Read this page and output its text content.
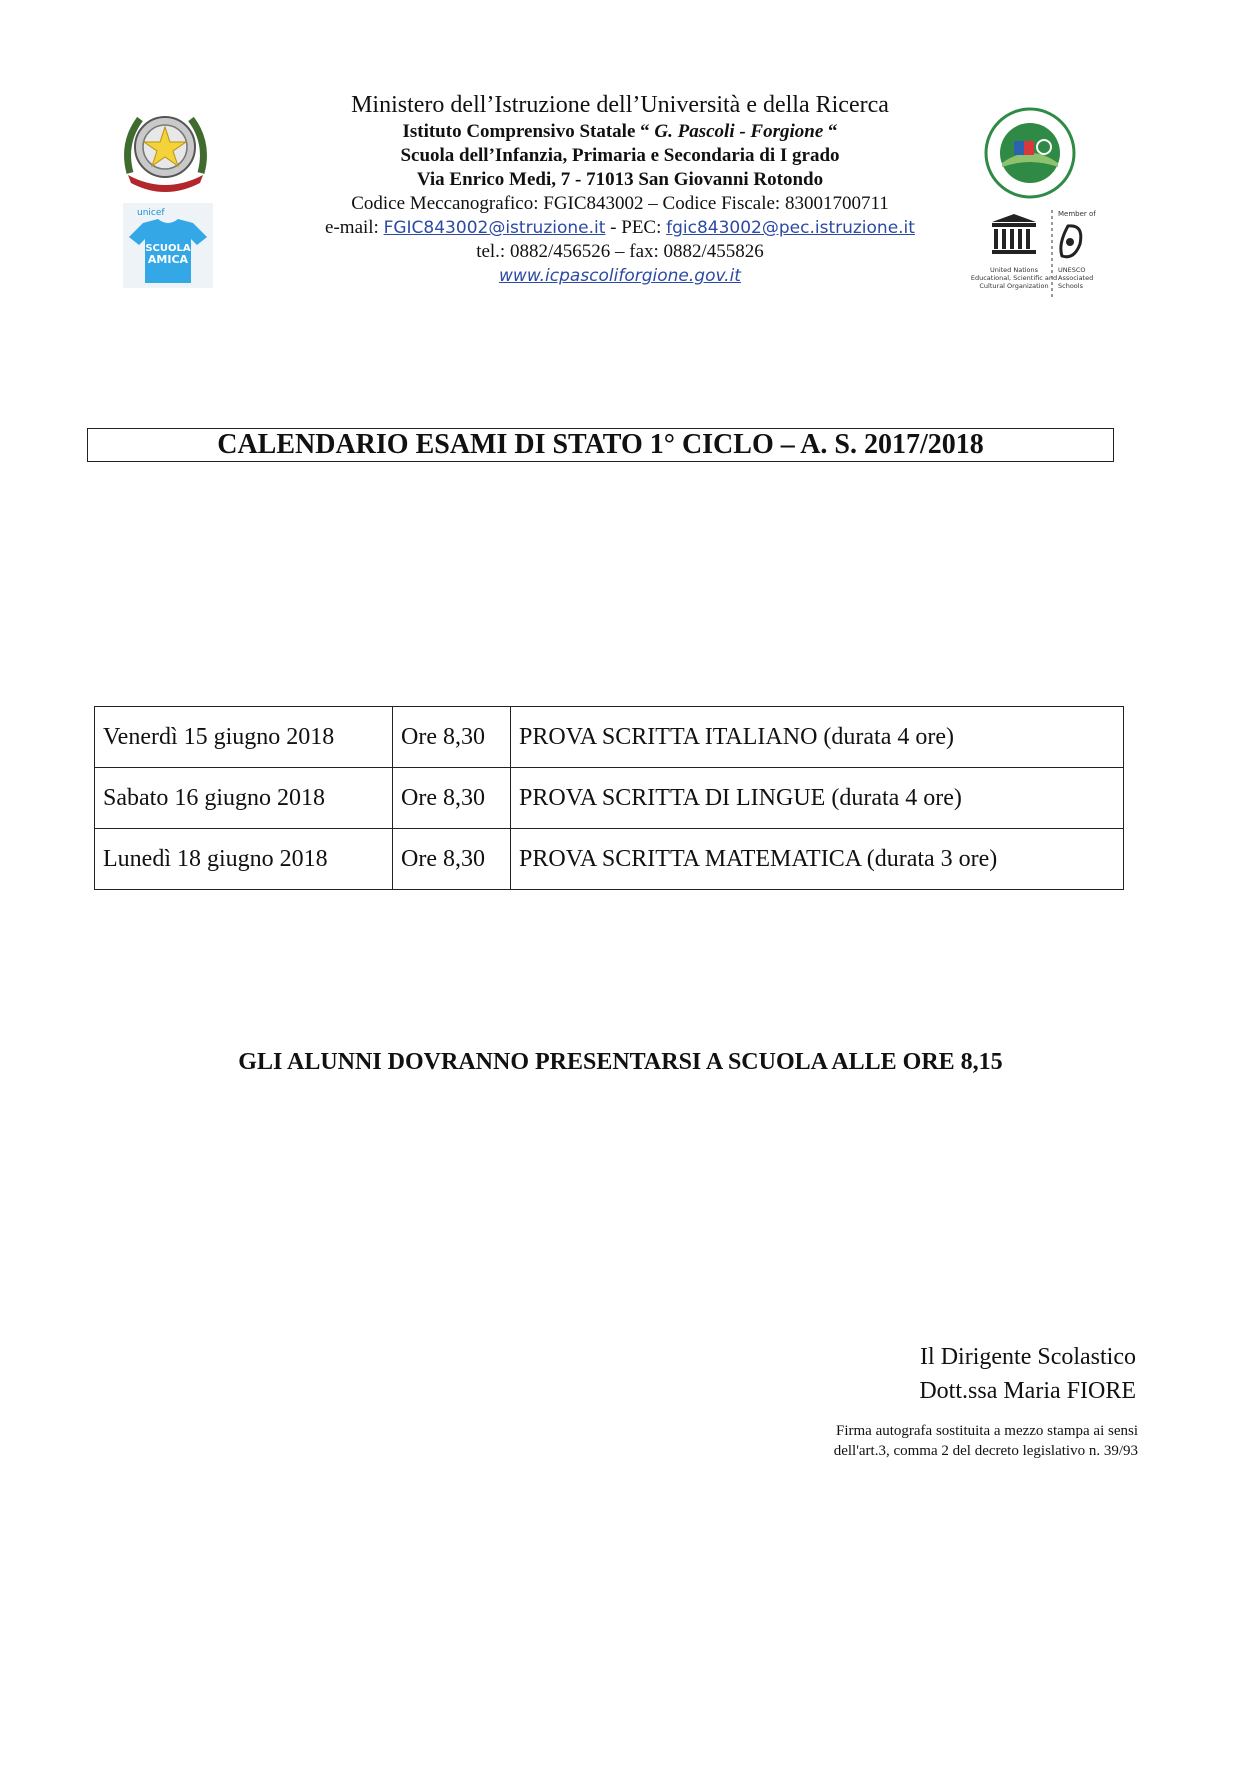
unicef
SCUOLA
AMICA
Member of
United Nations
Educational, Scientific and
Cultural Organization
UNESCO
Associated
Schools
Ministero dell’Istruzione dell’Università e della Ricerca
Istituto Comprensivo Statale “ G. Pascoli - Forgione “
Scuola dell’Infanzia, Primaria e Secondaria di I grado
Via Enrico Medi, 7 - 71013 San Giovanni Rotondo
Codice Meccanografico: FGIC843002 – Codice Fiscale: 83001700711
e-mail: FGIC843002@istruzione.it - PEC: fgic843002@pec.istruzione.it
tel.: 0882/456526 – fax: 0882/455826
www.icpascoliforgione.gov.it
CALENDARIO ESAMI DI STATO 1° CICLO – A. S. 2017/2018
Venerdì 15 giugno 2018	Ore 8,30	PROVA SCRITTA ITALIANO (durata 4 ore)
Sabato 16 giugno 2018	Ore 8,30	PROVA SCRITTA DI LINGUE (durata 4 ore)
Lunedì 18 giugno 2018	Ore 8,30	PROVA SCRITTA MATEMATICA (durata 3 ore)
GLI ALUNNI DOVRANNO PRESENTARSI A SCUOLA ALLE ORE 8,15
Il Dirigente Scolastico
Dott.ssa Maria FIORE
Firma autografa sostituita a mezzo stampa ai sensi
dell'art.3, comma 2 del decreto legislativo n. 39/93
